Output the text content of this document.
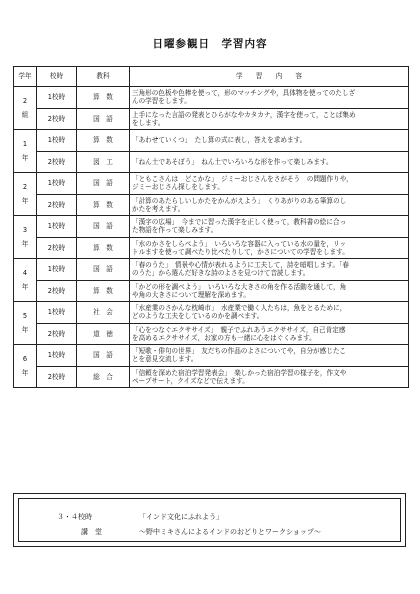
日曜参観日　学習内容
学年	校時	教科	学　　習　　内　　容

2
組	1校時	算　数	三角形の色板や色棒を使って，形のマッチングや，具体物を使ってのたしざ
んの学習をします。

	2校時	国　語	上手になった言語の発表とひらがなやカタカナ，漢字を使って，ことば集め
をします。

1
年	1校時	算　数	「あわせていくつ」　たし算の式に表し，答えを求めます。

	2校時	図　工	「ねん土であそぼう」　ねん土でいろいろな形を作って楽しみます。

2
年	1校時	国　語	「ともこさんは　どこかな」　ジミーおじさんをさがそう　の問題作りや，
ジミーおじさん探しをします。

	2校時	算　数	「計算のあたらしいしかたをかんがえよう」　くりあがりのある筆算のし
かたを考えます。

3
年	1校時	国　語	「漢字の広場」　今までに習った漢字を正しく使って，教科書の絵に合っ
た物語を作って楽しみます。

	2校時	算　数	「水のかさをしらべよう」　いろいろな容器に入っている水の量を，リッ
トルますを使って調べたり比べたりして，かさについての学習をします。

4
年	1校時	国　語	「春のうた」　情景や心情が表れるように工夫して，詩を暗唱します。「春
のうた」から選んだ好きな詩のよさを見つけて音読します。

	2校時	算　数	「かどの形を調べよう」　いろいろな大きさの角を作る活動を通して，角
や角の大きさについて理解を深めます。

5
年	1校時	社　会	「水産業のさかんな枕崎市」　水産業で働く人たちは，魚をとるために，
どのような工夫をしているのかを調べます。

	2校時	道　徳	「心をつなぐエクササイズ」　親子でふれあうエクササイズ，自己肯定感
を高めるエクササイズ，お家の方も一緒に心をはぐくみます。

6
年	1校時	国　語	「短歌・俳句の世界」　友だちの作品のよさについてや，自分が感じたこ
とを意見交流します。

	2校時	総　合	「信頼を深めた宿泊学習発表会」　楽しかった宿泊学習の様子を，作文や
ペープサート，クイズなどで伝えます。
３・４校時	「インド文化にふれよう」
講　堂	～野中ミキさんによるインドのおどりとワークショップ～
